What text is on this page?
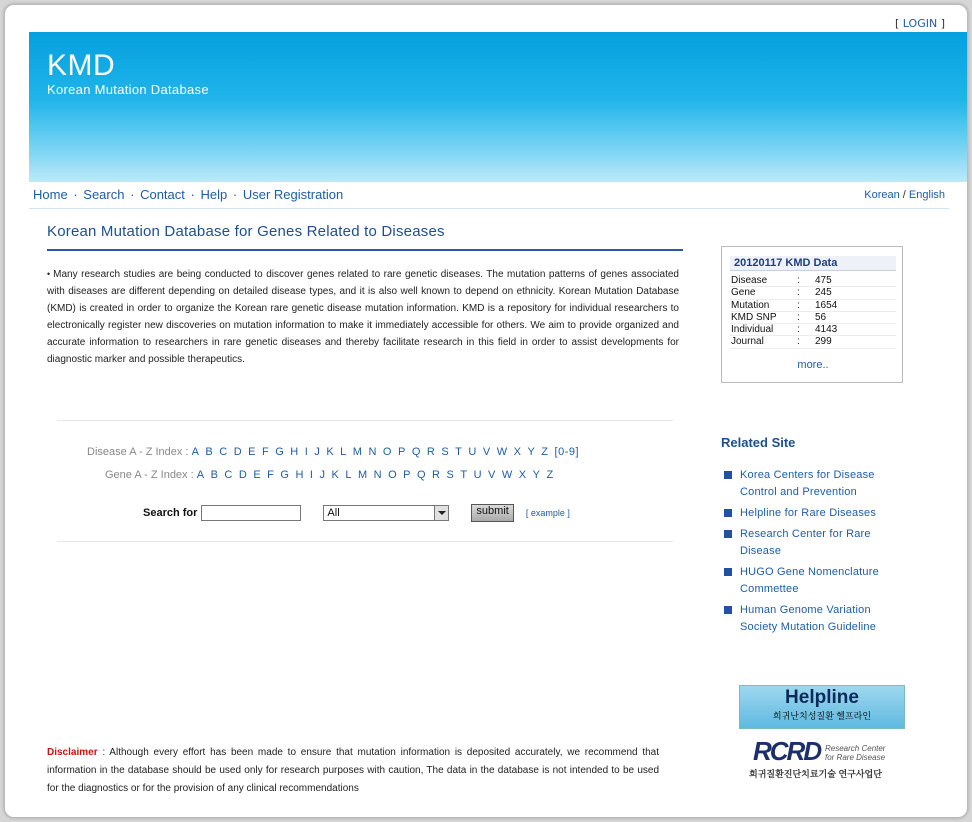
[ LOGIN ]
KMD
Korean Mutation Database
Home · Search · Contact · Help · User Registration	Korean / English
Korean Mutation Database for Genes Related to Diseases
• Many research studies are being conducted to discover genes related to rare genetic diseases. The mutation patterns of genes associated with diseases are different depending on detailed disease types, and it is also well known to depend on ethnicity. Korean Mutation Database (KMD) is created in order to organize the Korean rare genetic disease mutation information. KMD is a repository for individual researchers to electronically register new discoveries on mutation information to make it immediately accessible for others. We aim to provide organized and accurate information to researchers in rare genetic diseases and thereby facilitate research in this field in order to assist developments for diagnostic marker and possible therapeutics.
Disease A - Z Index : A B C D E F G H I J K L M N O P Q R S T U V W X Y Z [0-9]
Gene A - Z Index : A B C D E F G H I J K L M N O P Q R S T U V W X Y Z
Search for	All	submit	[ example ]
Disclaimer : Although every effort has been made to ensure that mutation information is deposited accurately, we recommend that information in the database should be used only for research purposes with caution, The data in the database is not intended to be used for the diagnostics or for the provision of any clinical recommendations
20120117 KMD Data
Disease	:	475
Gene	:	245
Mutation	:	1654
KMD SNP	:	56
Individual	:	4143
Journal	:	299
more..
Related Site
Korea Centers for Disease Control and Prevention
Helpline for Rare Diseases
Research Center for Rare Disease
HUGO Gene Nomenclature Commettee
Human Genome Variation Society Mutation Guideline
Helpline
희귀난치성질환 헬프라인
RCRD Research Center
for Rare Disease
희귀질환진단치료기술 연구사업단
